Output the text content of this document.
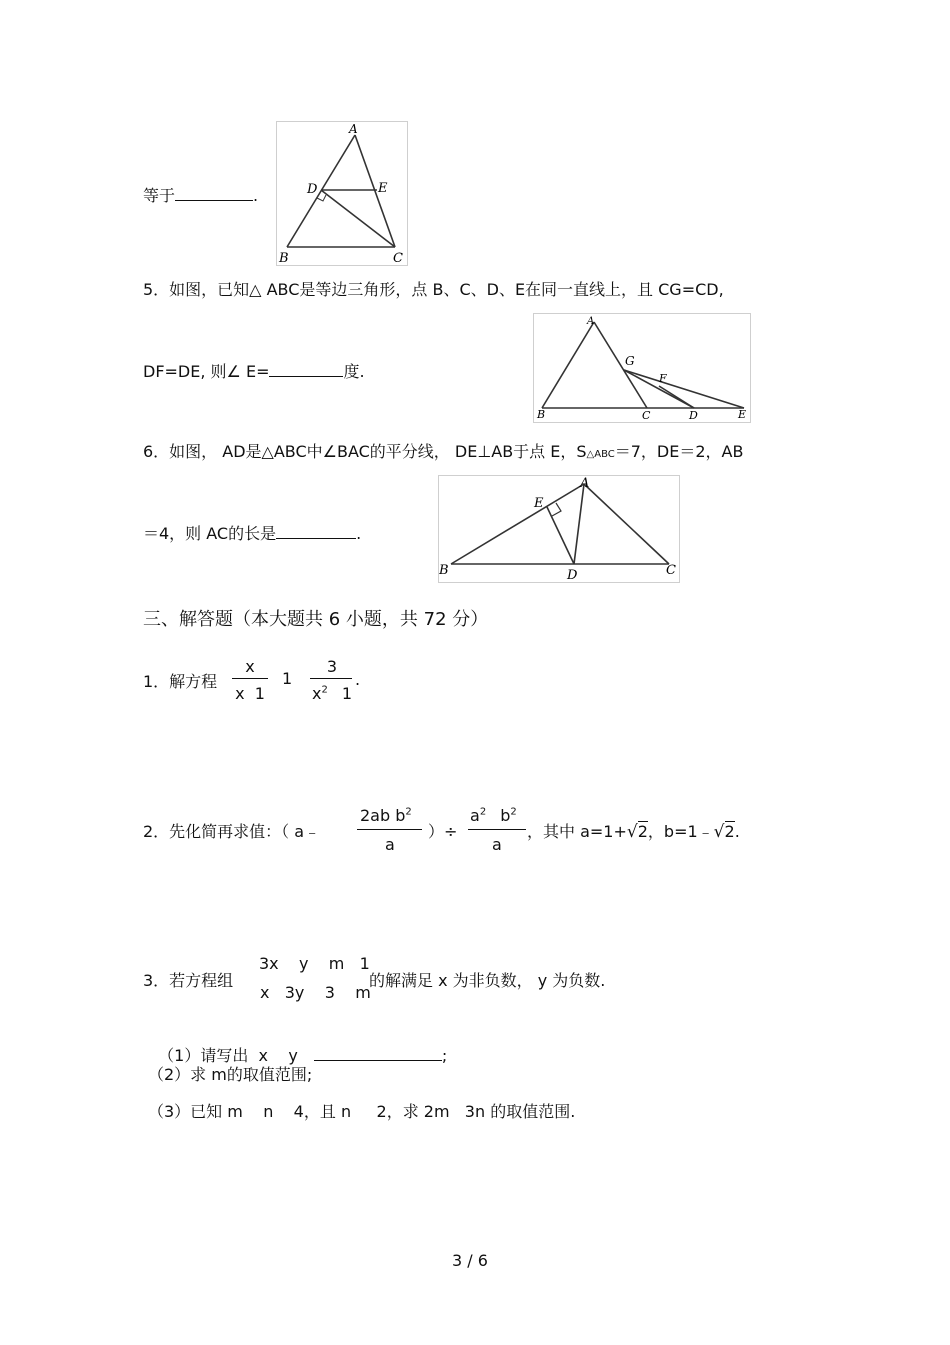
等于	.
A
D	E
B	C
5．如图，已知△ ABC是等边三角形，点 B、C、D、E在同一直线上，且 CG=CD,
DF=DE, 则∠ E=	度.
A
G
F
B	C	D	E
6．如图， AD是△ABC中∠BAC的平分线， DE⊥AB于点 E，S△ABC＝7，DE＝2，AB
＝4，则 AC的长是	.
E
A
B	D	C
三、解答题（本大题共 6 小题，共 72 分）
1．解方程
x
x  1
1
3
$x^2$ 1
.
2．先化简再求值：（ a﹣
2ab $b^2$
a
）÷
$a^2$ $b^2$
a
，其中 a=1+√2，b=1﹣√2.
3．若方程组
3x    y    m   1
x   3y    3    m
的解满足 x 为非负数， y 为负数.

（1）请写出  x    y	;

（2）求 m的取值范围;
（3）已知 m    n    4，且 n     2，求 2m   3n 的取值范围.
3 / 6
